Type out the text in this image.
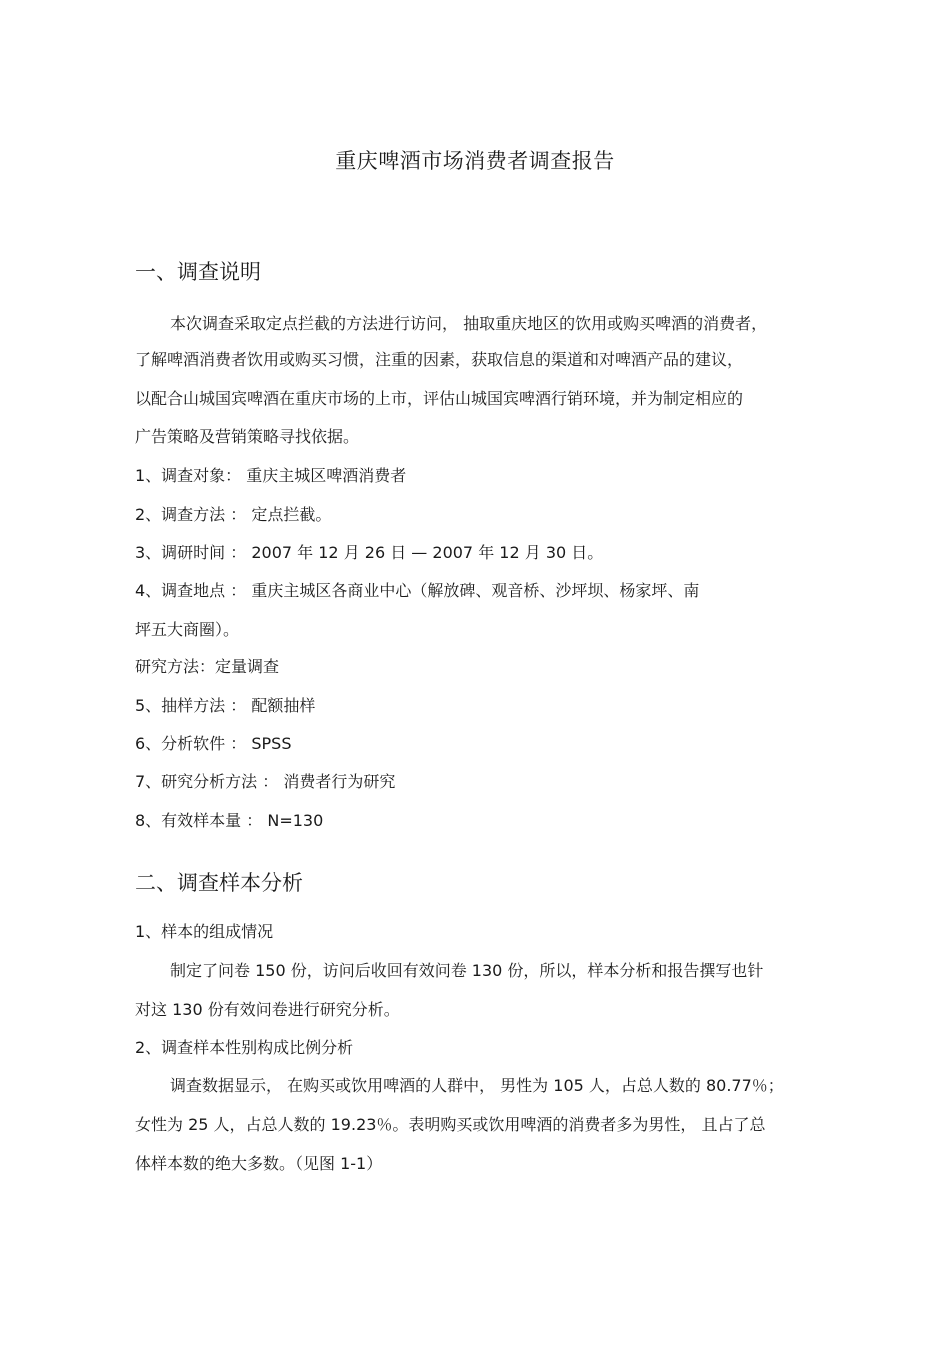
重庆啤酒市场消费者调查报告
一、调查说明
本次调查采取定点拦截的方法进行访问， 抽取重庆地区的饮用或购买啤酒的消费者，
了解啤酒消费者饮用或购买习惯，注重的因素，获取信息的渠道和对啤酒产品的建议，
以配合山城国宾啤酒在重庆市场的上市，评估山城国宾啤酒行销环境，并为制定相应的
广告策略及营销策略寻找依据。
1、调查对象： 重庆主城区啤酒消费者
2、调查方法 ： 定点拦截。
3、调研时间 ： 2007 年 12 月 26 日 — 2007 年 12 月 30 日。
4、调查地点 ： 重庆主城区各商业中心（解放碑、观音桥、沙坪坝、杨家坪、南
坪五大商圈）。
研究方法：定量调查
5、抽样方法 ： 配额抽样
6、分析软件 ： SPSS
7、研究分析方法 ： 消费者行为研究
8、有效样本量 ： N=130
二、调查样本分析
1、样本的组成情况
制定了问卷 150 份，访问后收回有效问卷 130 份，所以，样本分析和报告撰写也针
对这 130 份有效问卷进行研究分析。
2、调查样本性别构成比例分析
调查数据显示， 在购买或饮用啤酒的人群中， 男性为 105 人，占总人数的 80.77％；
女性为 25 人，占总人数的 19.23％。表明购买或饮用啤酒的消费者多为男性， 且占了总
体样本数的绝大多数。（见图 1-1）
